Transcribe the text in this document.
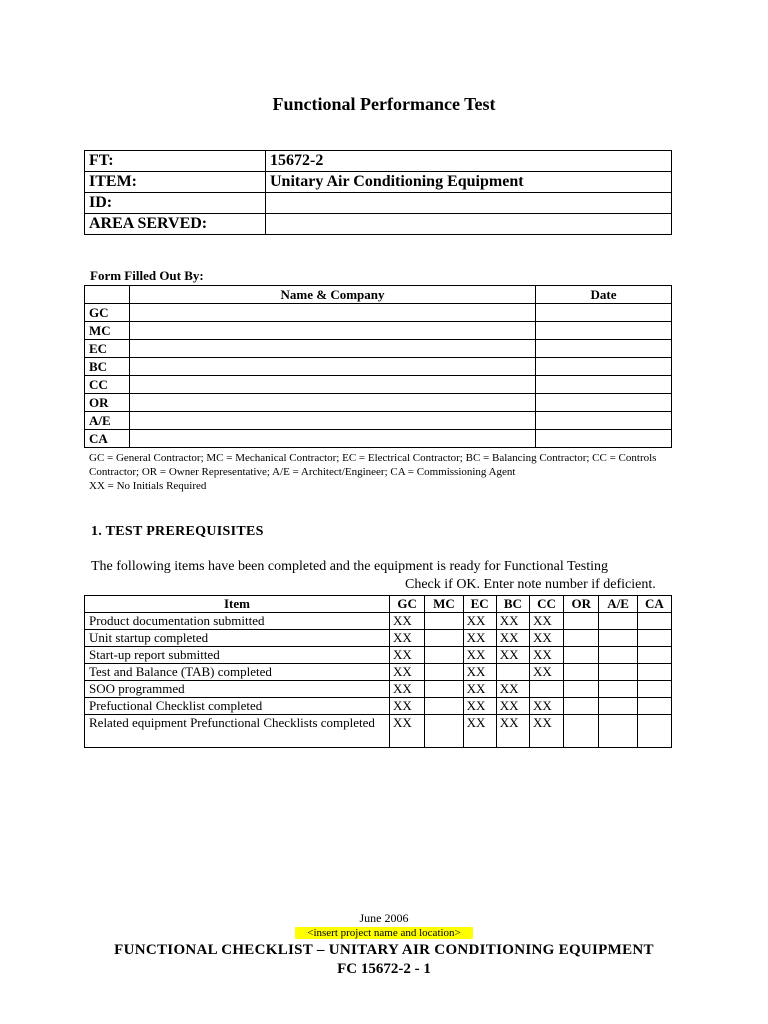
Functional Performance Test
FT:	15672-2
ITEM:	Unitary Air Conditioning Equipment
ID:	
AREA SERVED:	
Form Filled Out By:
	Name & Company	Date
GC		
MC		
EC		
BC		
CC		
OR		
A/E		
CA		
GC = General Contractor; MC = Mechanical Contractor; EC = Electrical Contractor; BC = Balancing Contractor; CC = Controls
Contractor; OR = Owner Representative; A/E = Architect/Engineer; CA = Commissioning Agent
XX = No Initials Required
1. TEST PREREQUISITES
The following items have been completed and the equipment is ready for Functional Testing
Check if OK. Enter note number if deficient.
Item	GC	MC	EC	BC	CC	OR	A/E	CA
Product documentation submitted	XX		XX	XX	XX			
Unit startup completed	XX		XX	XX	XX			
Start-up report submitted	XX		XX	XX	XX			
Test and Balance (TAB) completed	XX		XX		XX			
SOO programmed	XX		XX	XX				
Prefuctional Checklist completed	XX		XX	XX	XX			
Related equipment Prefunctional Checklists completed	XX		XX	XX	XX			
June 2006
<insert project name and location>
FUNCTIONAL CHECKLIST – UNITARY AIR CONDITIONING EQUIPMENT
FC 15672-2 - 1
